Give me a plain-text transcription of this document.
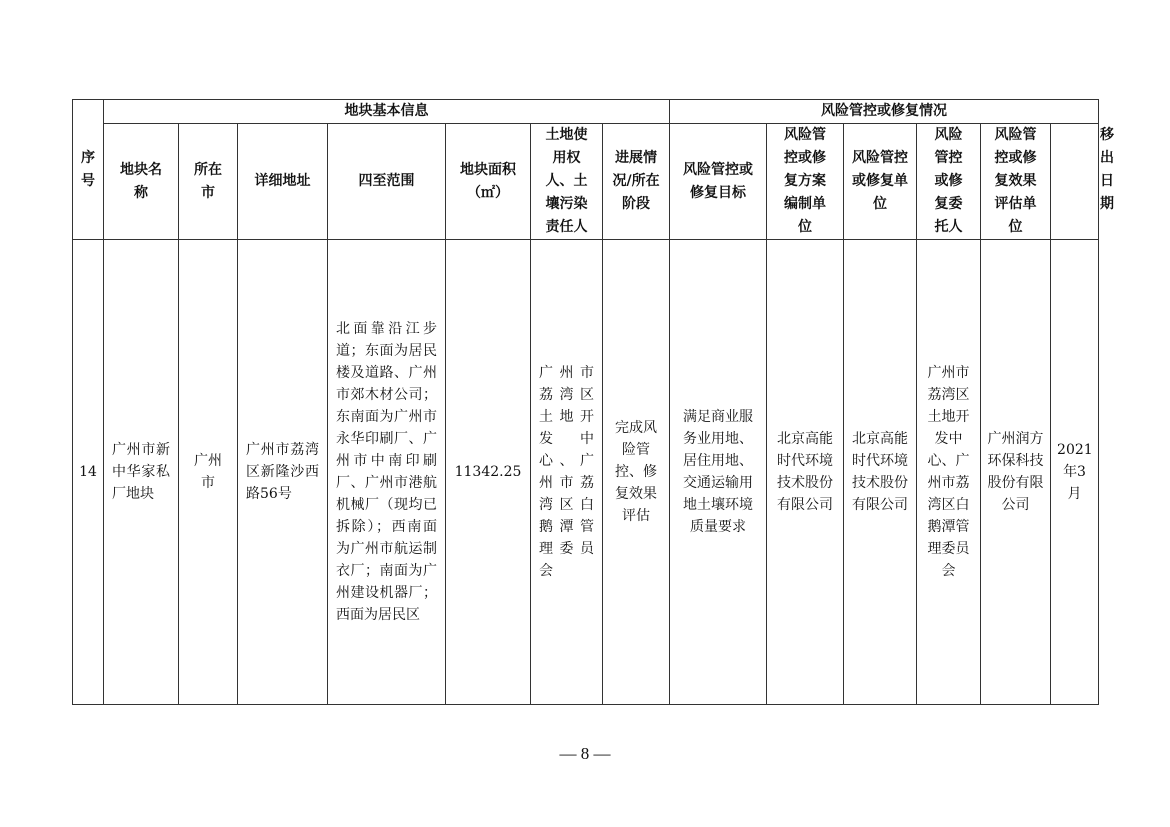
序号	地块基本信息							风险管控或修复情况						移出日期

	地块名称	所在市	详细地址	四至范围	地块面积（㎡）	土地使用权人、土壤污染责任人	进展情况/所在阶段	风险管控或修复目标	风险管控或修复方案编制单位	风险管控或修复单位	风险管控或修复委托人	风险管控或修复效果评估单位		
14	广州市新中华家私厂地块	广州市	广州市荔湾区新隆沙西路56号	北面靠沿江步道；东面为居民楼及道路、广州市郊木材公司；东南面为广州市永华印刷厂、广州市中南印刷厂、广州市港航机械厂（现均已拆除）；西南面为广州市航运制衣厂；南面为广州建设机器厂；西面为居民区	11342.25	广州市荔湾区土地开发中心、广州市荔湾区白鹅潭管理委员会	完成风险管控、修复效果评估	满足商业服务业用地、居住用地、交通运输用地土壤环境质量要求	北京高能时代环境技术股份有限公司	北京高能时代环境技术股份有限公司	广州市荔湾区土地开发中心、广州市荔湾区白鹅潭管理委员会	广州润方环保科技股份有限公司	2021年3月	
— 8 —
